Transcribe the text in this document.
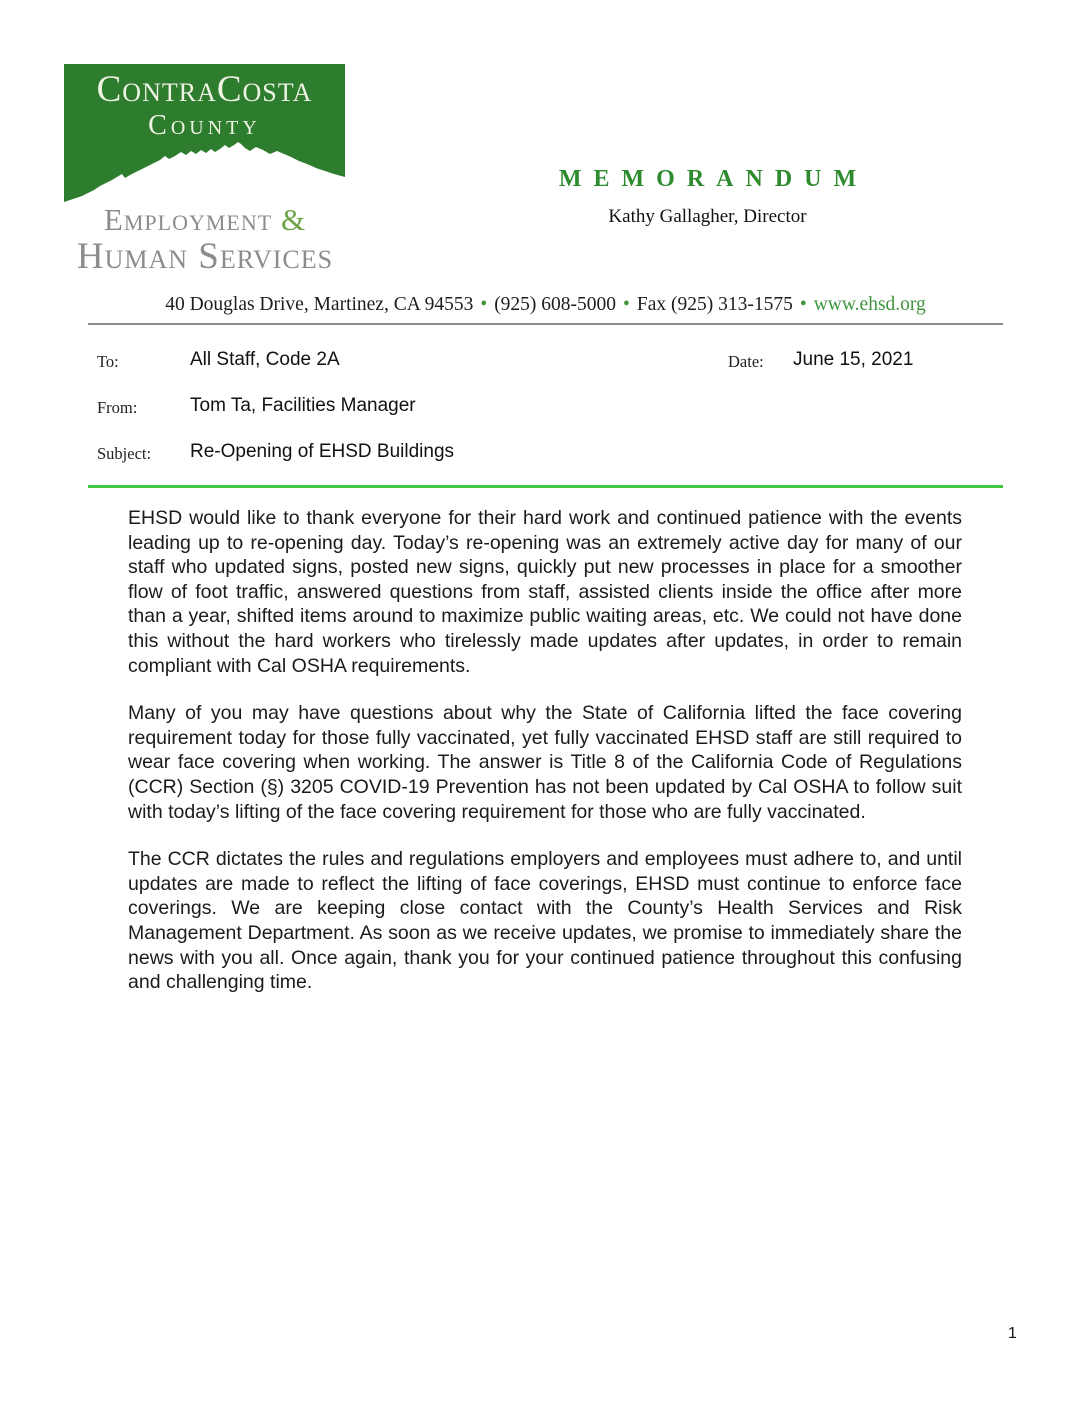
ContraCosta
County
Employment &
Human Services
MEMORANDUM
Kathy Gallagher, Director
40 Douglas Drive, Martinez, CA 94553 • (925) 608-5000 • Fax (925) 313-1575 • www.ehsd.org
To:	All Staff, Code 2A	Date: June 15, 2021
From:	Tom Ta, Facilities Manager
Subject: Re-Opening of EHSD Buildings

EHSD would like to thank everyone for their hard work and continued patience with the events leading up to re-opening day. Today’s re-opening was an extremely active day for many of our staff who updated signs, posted new signs, quickly put new processes in place for a smoother flow of foot traffic, answered questions from staff, assisted clients inside the office after more than a year, shifted items around to maximize public waiting areas, etc. We could not have done this without the hard workers who tirelessly made updates after updates, in order to remain compliant with Cal OSHA requirements.

Many of you may have questions about why the State of California lifted the face covering requirement today for those fully vaccinated, yet fully vaccinated EHSD staff are still required to wear face covering when working. The answer is Title 8 of the California Code of Regulations (CCR) Section (§) 3205 COVID-19 Prevention has not been updated by Cal OSHA to follow suit with today’s lifting of the face covering requirement for those who are fully vaccinated.

The CCR dictates the rules and regulations employers and employees must adhere to, and until updates are made to reflect the lifting of face coverings, EHSD must continue to enforce face coverings. We are keeping close contact with the County’s Health Services and Risk Management Department. As soon as we receive updates, we promise to immediately share the news with you all. Once again, thank you for your continued patience throughout this confusing and challenging time.

1
